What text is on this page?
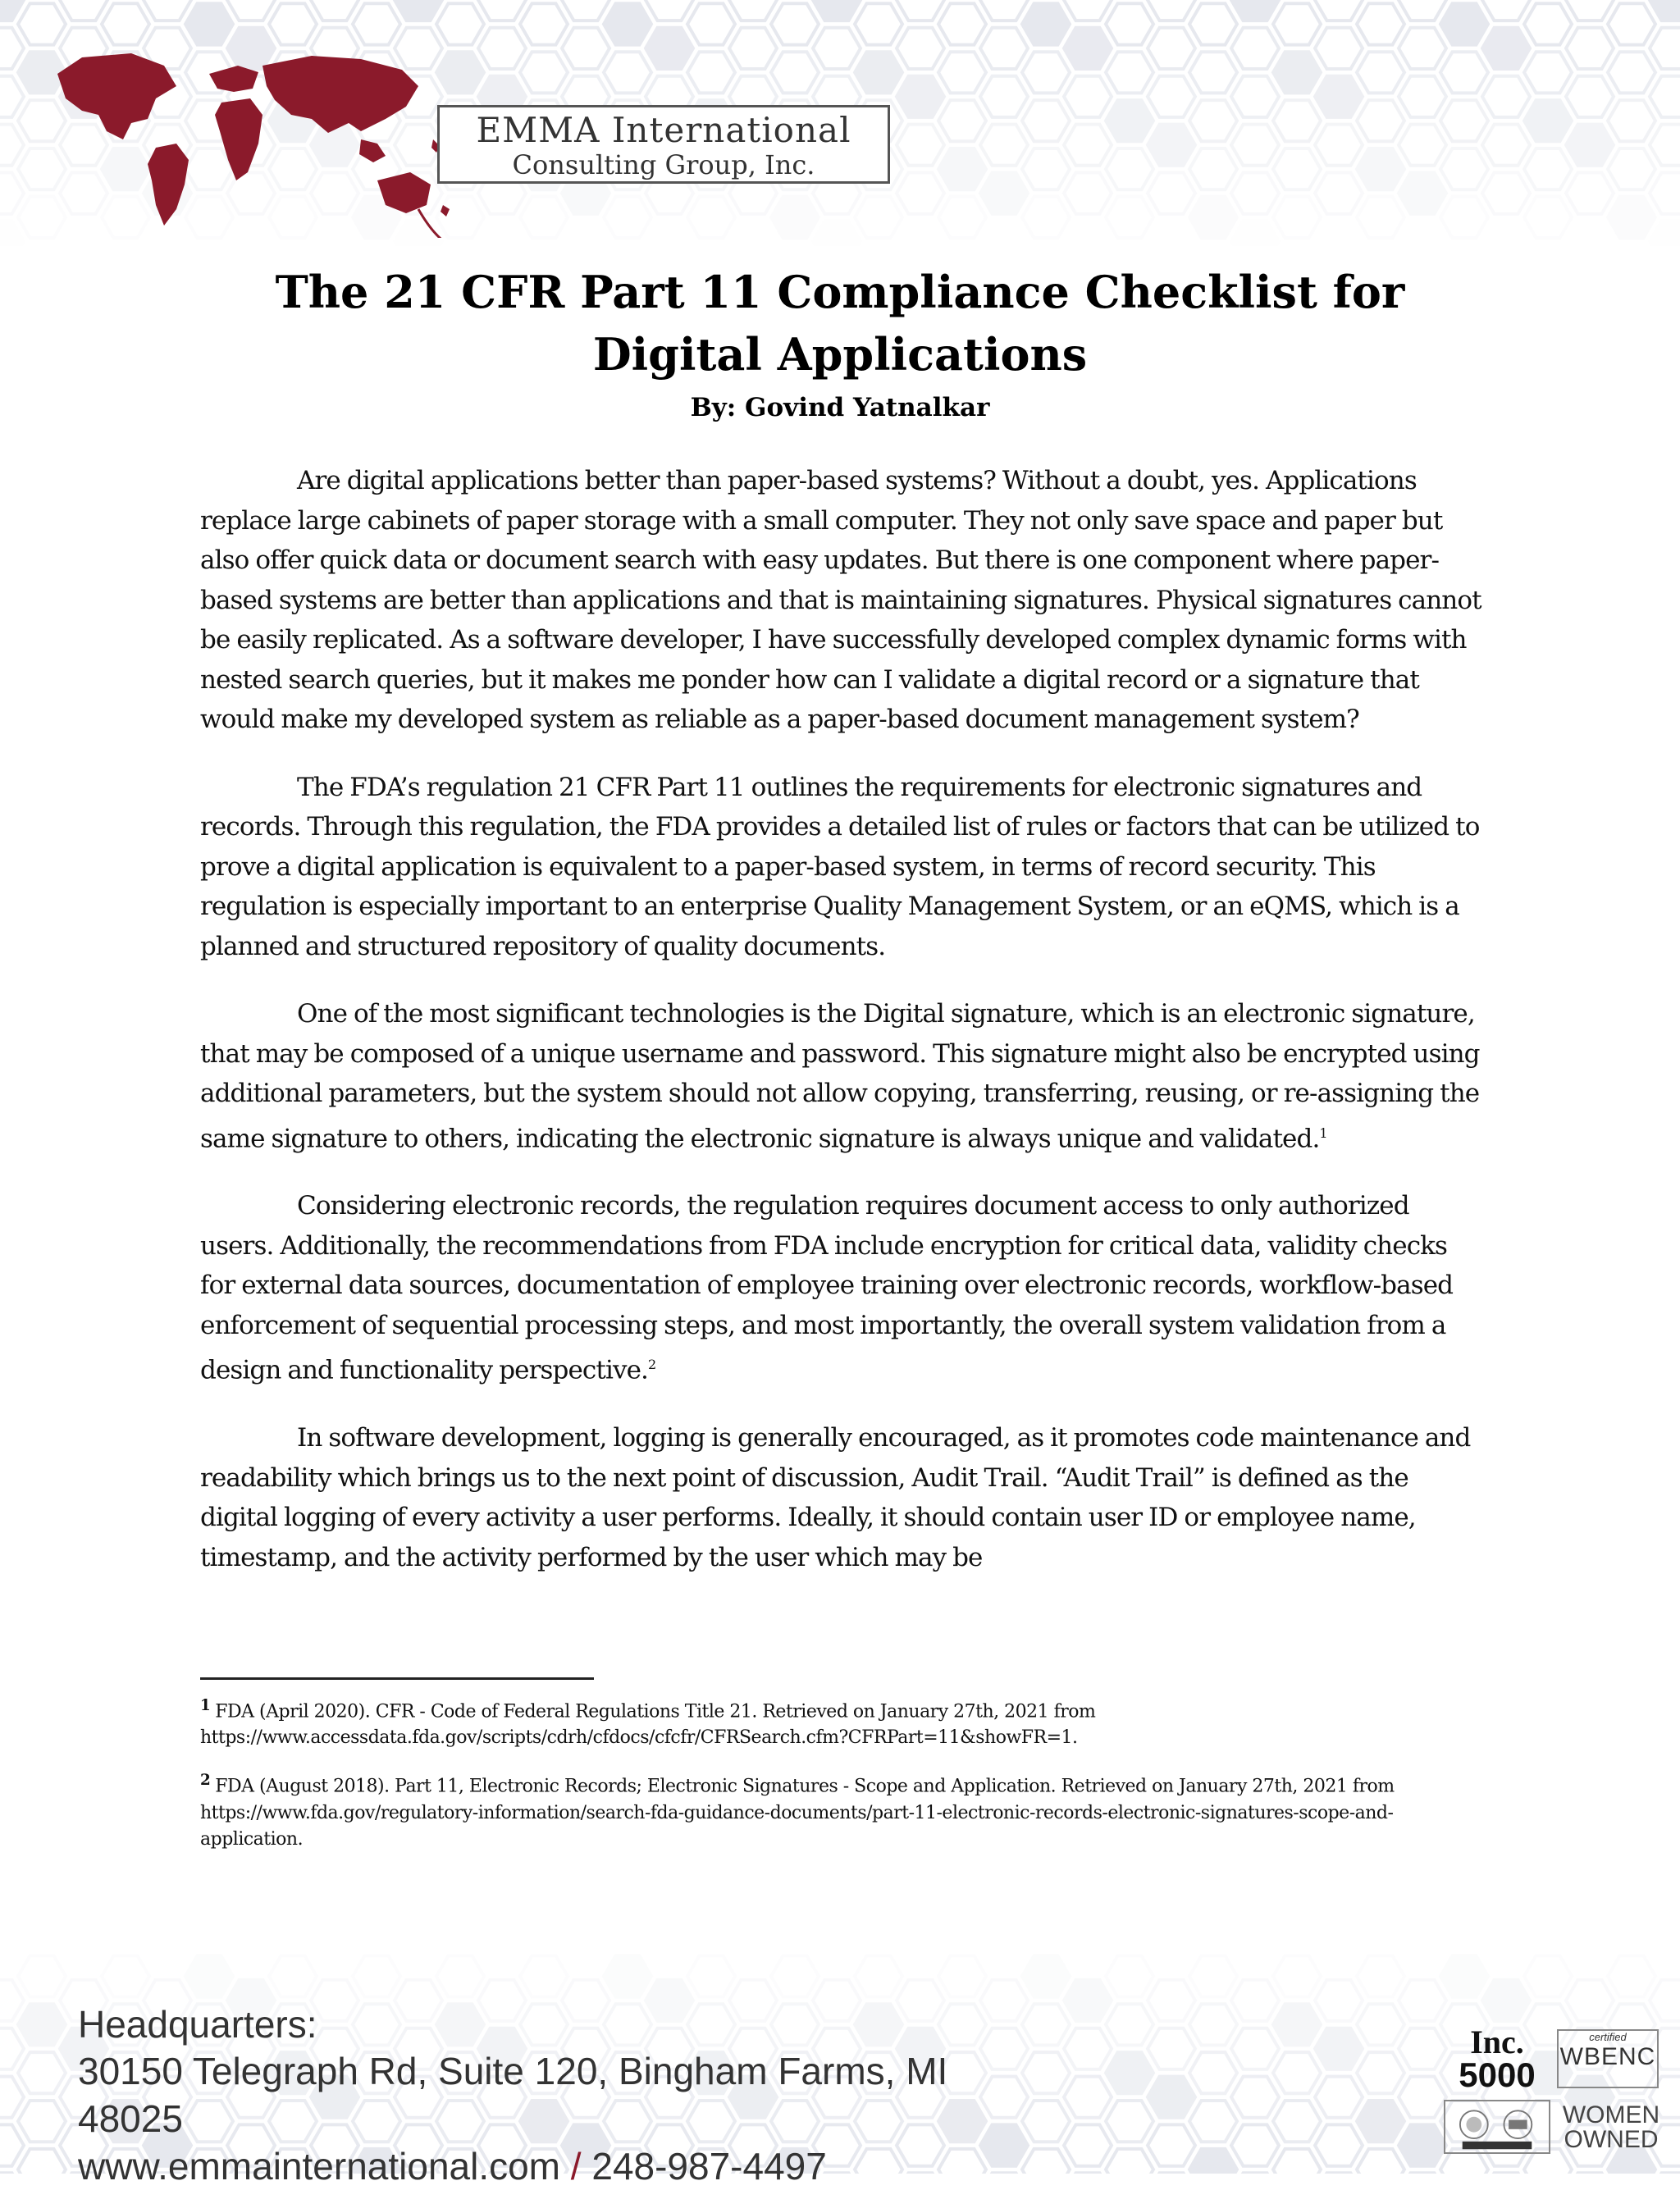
EMMA International
Consulting Group, Inc.
The 21 CFR Part 11 Compliance Checklist for
Digital Applications
By: Govind Yatnalkar

Are digital applications better than paper-based systems? Without a doubt, yes. Applications replace large cabinets of paper storage with a small computer. They not only save space and paper but also offer quick data or document search with easy updates. But there is one component where paper-based systems are better than applications and that is maintaining signatures. Physical signatures cannot be easily replicated. As a software developer, I have successfully developed complex dynamic forms with nested search queries, but it makes me ponder how can I validate a digital record or a signature that would make my developed system as reliable as a paper-based document management system?

The FDA’s regulation 21 CFR Part 11 outlines the requirements for electronic signatures and records. Through this regulation, the FDA provides a detailed list of rules or factors that can be utilized to prove a digital application is equivalent to a paper-based system, in terms of record security. This regulation is especially important to an enterprise Quality Management System, or an eQMS, which is a planned and structured repository of quality documents.

One of the most significant technologies is the Digital signature, which is an electronic signature, that may be composed of a unique username and password. This signature might also be encrypted using additional parameters, but the system should not allow copying, transferring, reusing, or re-assigning the same signature to others, indicating the electronic signature is always unique and validated.$^1$

Considering electronic records, the regulation requires document access to only authorized users. Additionally, the recommendations from FDA include encryption for critical data, validity checks for external data sources, documentation of employee training over electronic records, workflow-based enforcement of sequential processing steps, and most importantly, the overall system validation from a design and functionality perspective.$^2$

In software development, logging is generally encouraged, as it promotes code maintenance and readability which brings us to the next point of discussion, Audit Trail. “Audit Trail” is defined as the digital logging of every activity a user performs. Ideally, it should contain user ID or employee name, timestamp, and the activity performed by the user which may be

$^1$ FDA (April 2020). CFR - Code of Federal Regulations Title 21. Retrieved on January 27th, 2021 from https://www.accessdata.fda.gov/scripts/cdrh/cfdocs/cfcfr/CFRSearch.cfm?CFRPart=11&showFR=1.

$^2$ FDA (August 2018). Part 11, Electronic Records; Electronic Signatures - Scope and Application. Retrieved on January 27th, 2021 from https://www.fda.gov/regulatory-information/search-fda-guidance-documents/part-11-electronic-records-electronic-signatures-scope-and-application.

Headquarters:
30150 Telegraph Rd, Suite 120, Bingham Farms, MI 48025
www.emmainternational.com / 248-987-4497
Inc.
5000
certified
WBENC
WOMEN
OWNED
